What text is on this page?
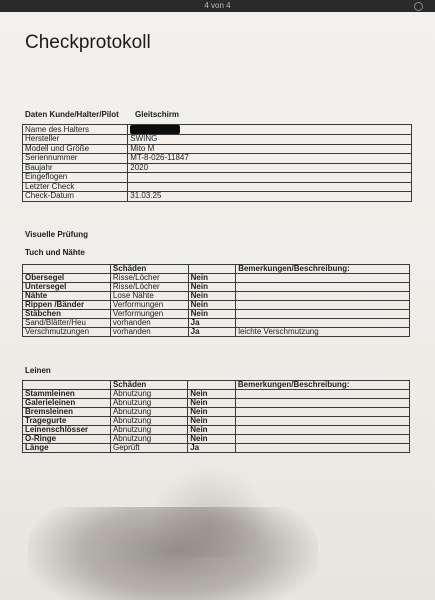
4 von 4
Checkprotokoll
Daten Kunde/Halter/Pilot Gleitschirm
Name des Halters	
Hersteller	SWING
Modell und Größe	Mito M
Seriennummer	MT-8-026-11847
Baujahr	2020
Eingeflogen	
Letzter Check	
Check-Datum	31.03.25
Visuelle Prüfung
Tuch und Nähte
	Schäden		Bemerkungen/Beschreibung:
Obersegel	Risse/Löcher	Nein	
Untersegel	Risse/Löcher	Nein	
Nähte	Lose Nähte	Nein	
Rippen /Bänder	Verformungen	Nein	
Stäbchen	Verformungen	Nein	
Sand/Blätter/Heu	vorhanden	Ja	
Verschmutzungen	vorhanden	Ja	leichte Verschmutzung
Leinen
	Schäden		Bemerkungen/Beschreibung:
Stammleinen	Abnutzung	Nein	
Galerieleinen	Abnutzung	Nein	
Bremsleinen	Abnutzung	Nein	
Tragegurte	Abnutzung	Nein	
Leinenschlösser	Abnutzung	Nein	
O-Ringe	Abnutzung	Nein	
Länge	Geprüft	Ja	
